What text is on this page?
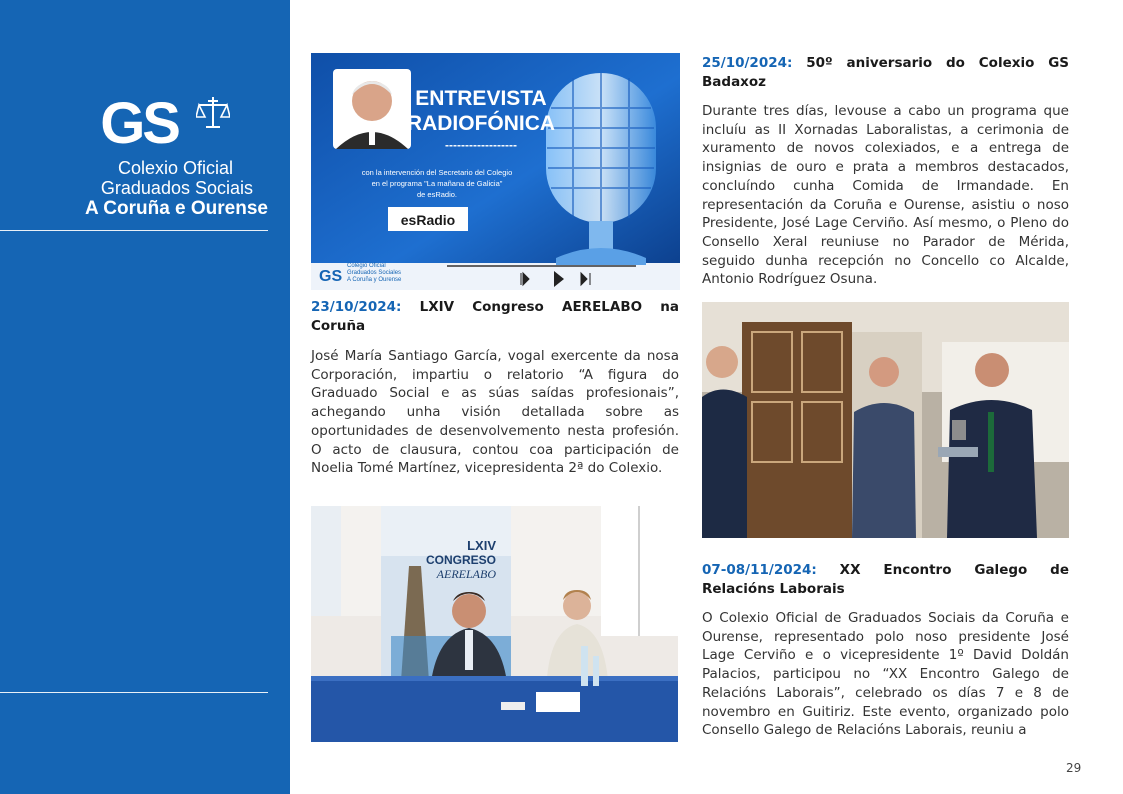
GS
Colexio Oficial
Graduados Sociais
A Coruña e Ourense
ENTREVISTA
RADIOFÓNICA
------------------
con la intervención del Secretario del Colegio
en el programa "La mañana de Galicia"
de esRadio.
esRadio
GS
Colegio Oficial
Graduados Sociales
A Coruña y Ourense
23/10/2024: LXIV Congreso AERELABO na Coruña
José María Santiago García, vogal exercente da nosa Corporación, impartiu o relatorio “A figura do Graduado Social e as súas saídas profesionais”, achegando unha visión detallada sobre as oportunidades de desenvolvemento nesta profesión. O acto de clausura, contou coa participación de Noelia Tomé Martínez, vicepresidenta 2ª do Colexio.
LXIV
CONGRESO
AERELABO
25/10/2024: 50º aniversario do Colexio GS Badaxoz
Durante tres días, levouse a cabo un programa que incluíu as II Xornadas Laboralistas, a cerimonia de xuramento de novos colexiados, e a entrega de insignias de ouro e prata a membros destacados, concluíndo cunha Comida de Irmandade. En representación da Coruña e Ourense, asistiu o noso Presidente, José Lage Cerviño. Así mesmo, o Pleno do Consello Xeral reuniuse no Parador de Mérida, seguido dunha recepción no Concello co Alcalde, Antonio Rodríguez Osuna.
07-08/11/2024: XX Encontro Galego de Relacións Laborais
O Colexio Oficial de Graduados Sociais da Coruña e Ourense, representado polo noso presidente José Lage Cerviño e o vicepresidente 1º David Doldán Palacios, participou no “XX Encontro Galego de Relacións Laborais”, celebrado os días 7 e 8 de novembro en Guitiriz. Este evento, organizado polo Consello Galego de Relacións Laborais, reuniu a
29
